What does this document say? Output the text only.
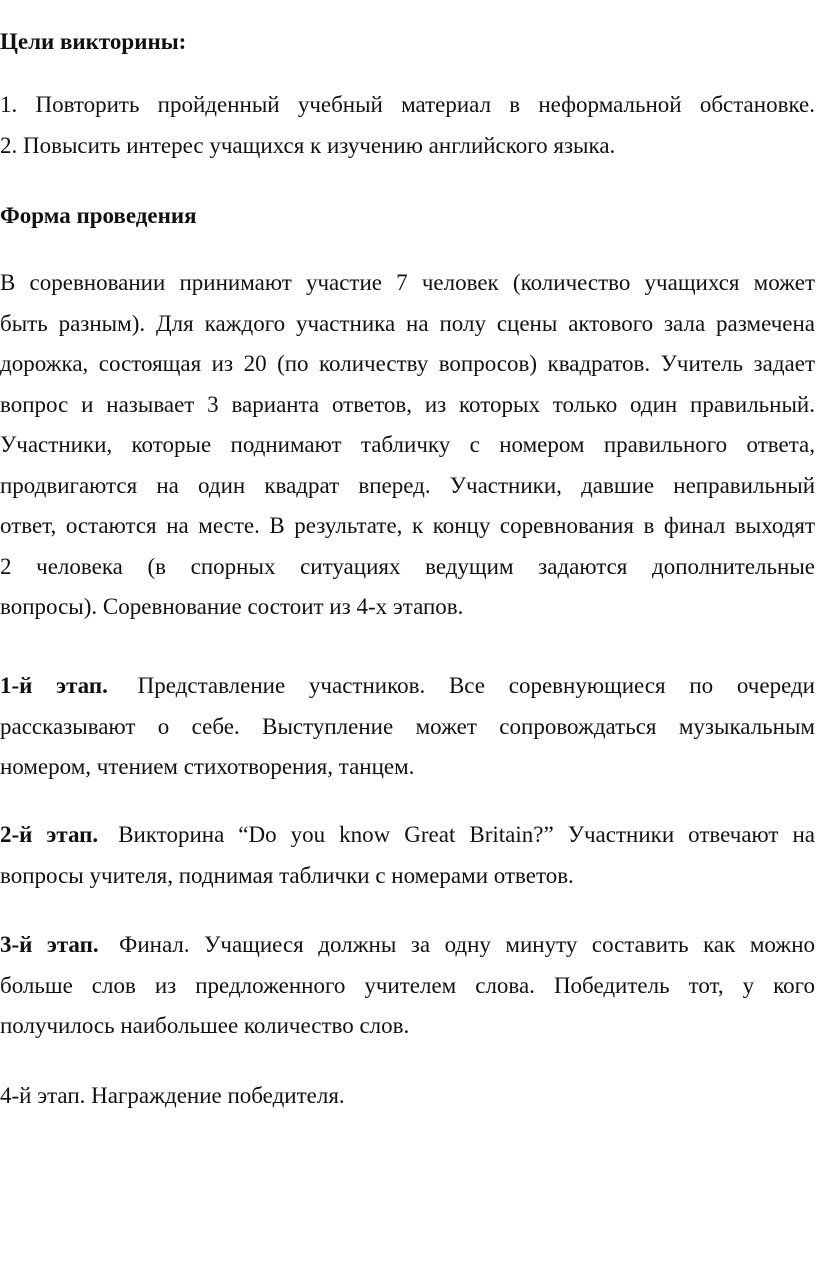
Цели викторины:
1. Повторить пройденный учебный материал в неформальной обстановке.
2. Повысить интерес учащихся к изучению английского языка.
Форма проведения
В соревновании принимают участие 7 человек (количество учащихся может
быть разным). Для каждого участника на полу сцены актового зала размечена
дорожка, состоящая из 20 (по количеству вопросов) квадратов. Учитель задает
вопрос и называет 3 варианта ответов, из которых только один правильный.
Участники, которые поднимают табличку с номером правильного ответа,
продвигаются на один квадрат вперед. Участники, давшие неправильный
ответ, остаются на месте. В результате, к концу соревнования в финал выходят
2 человека (в спорных ситуациях ведущим задаются дополнительные
вопросы). Соревнование состоит из 4-х этапов.
1-й этап. Представление участников. Все соревнующиеся по очереди
рассказывают о себе. Выступление может сопровождаться музыкальным
номером, чтением стихотворения, танцем.
2-й этап. Викторина “Do you know Great Britain?” Участники отвечают на
вопросы учителя, поднимая таблички с номерами ответов.
3-й этап. Финал. Учащиеся должны за одну минуту составить как можно
больше слов из предложенного учителем слова. Победитель тот, у кого
получилось наибольшее количество слов.
4-й этап. Награждение победителя.
